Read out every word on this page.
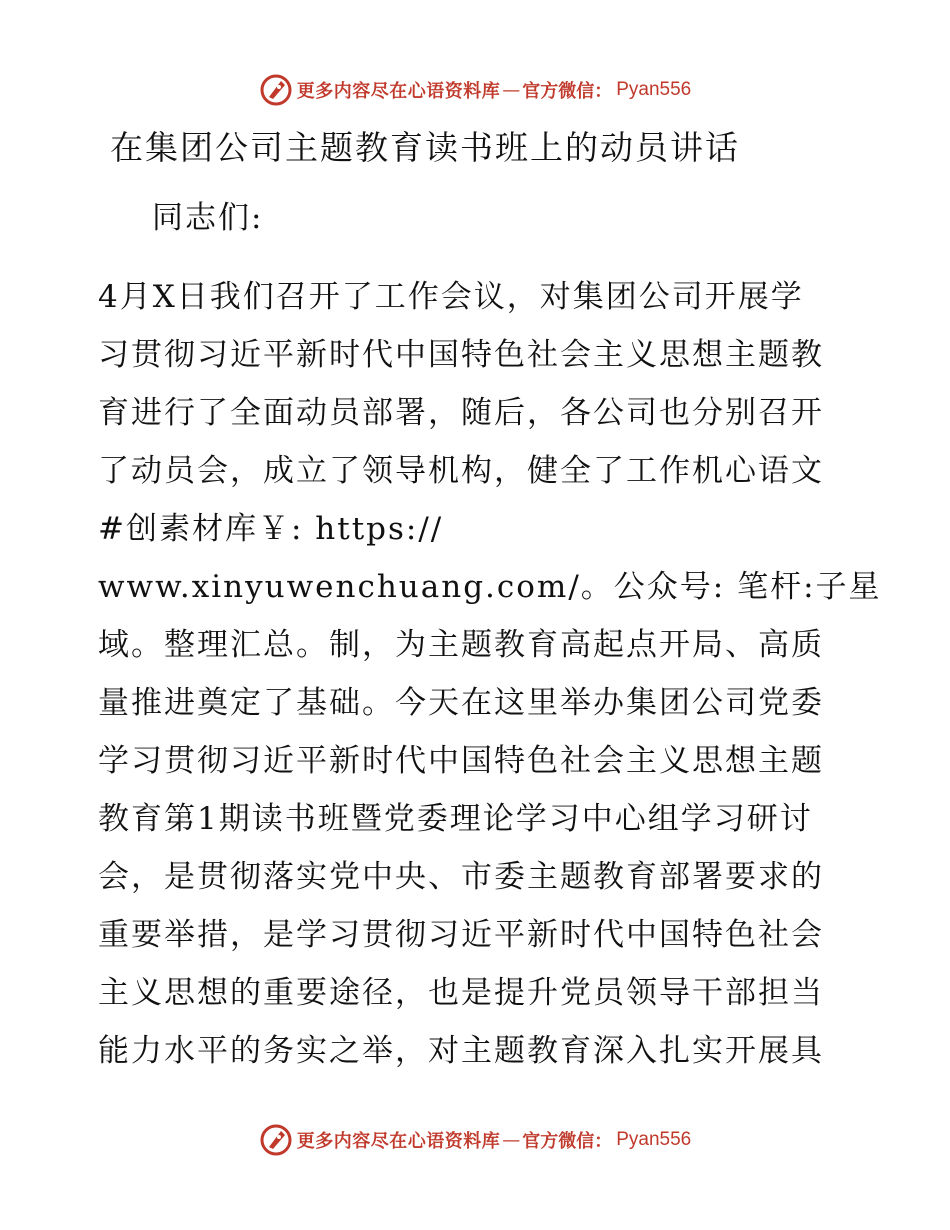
更多内容尽在心语资料库 — 官方微信： Pyan556
在集团公司主题教育读书班上的动员讲话
同志们:
4月X日我们召开了工作会议，对集团公司开展学
习贯彻习近平新时代中国特色社会主义思想主题教
育进行了全面动员部署，随后，各公司也分别召开
了动员会，成立了领导机构，健全了工作机心语文
#创素材库￥: https://
www.xinyuwenchuang.com/。公众号: 笔杆:子星
域。整理汇总。制，为主题教育高起点开局、高质
量推进奠定了基础。今天在这里举办集团公司党委
学习贯彻习近平新时代中国特色社会主义思想主题
教育第1期读书班暨党委理论学习中心组学习研讨
会，是贯彻落实党中央、市委主题教育部署要求的
重要举措，是学习贯彻习近平新时代中国特色社会
主义思想的重要途径，也是提升党员领导干部担当
能力水平的务实之举，对主题教育深入扎实开展具
更多内容尽在心语资料库 — 官方微信： Pyan556
